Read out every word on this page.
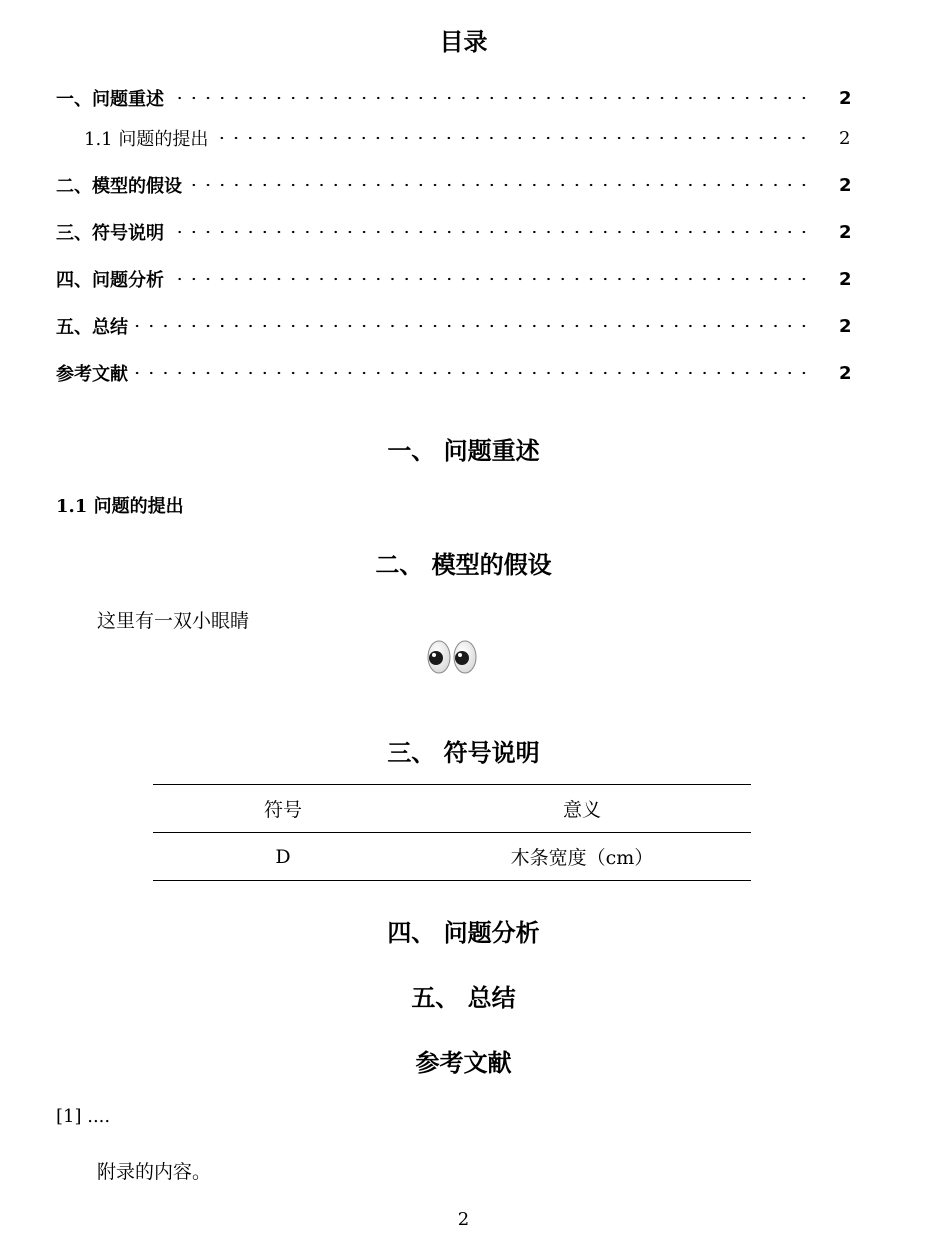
目录
一、问题重述	2
1.1 问题的提出	2
二、模型的假设	2
三、符号说明	2
四、问题分析	2
五、总结	2
参考文献	2
一、 问题重述
1.1 问题的提出
二、 模型的假设
这里有一双小眼睛
三、 符号说明
符号	意义
D	木条宽度（cm）
四、 问题分析
五、 总结
参考文献
[1] ....
附录的内容。
2
